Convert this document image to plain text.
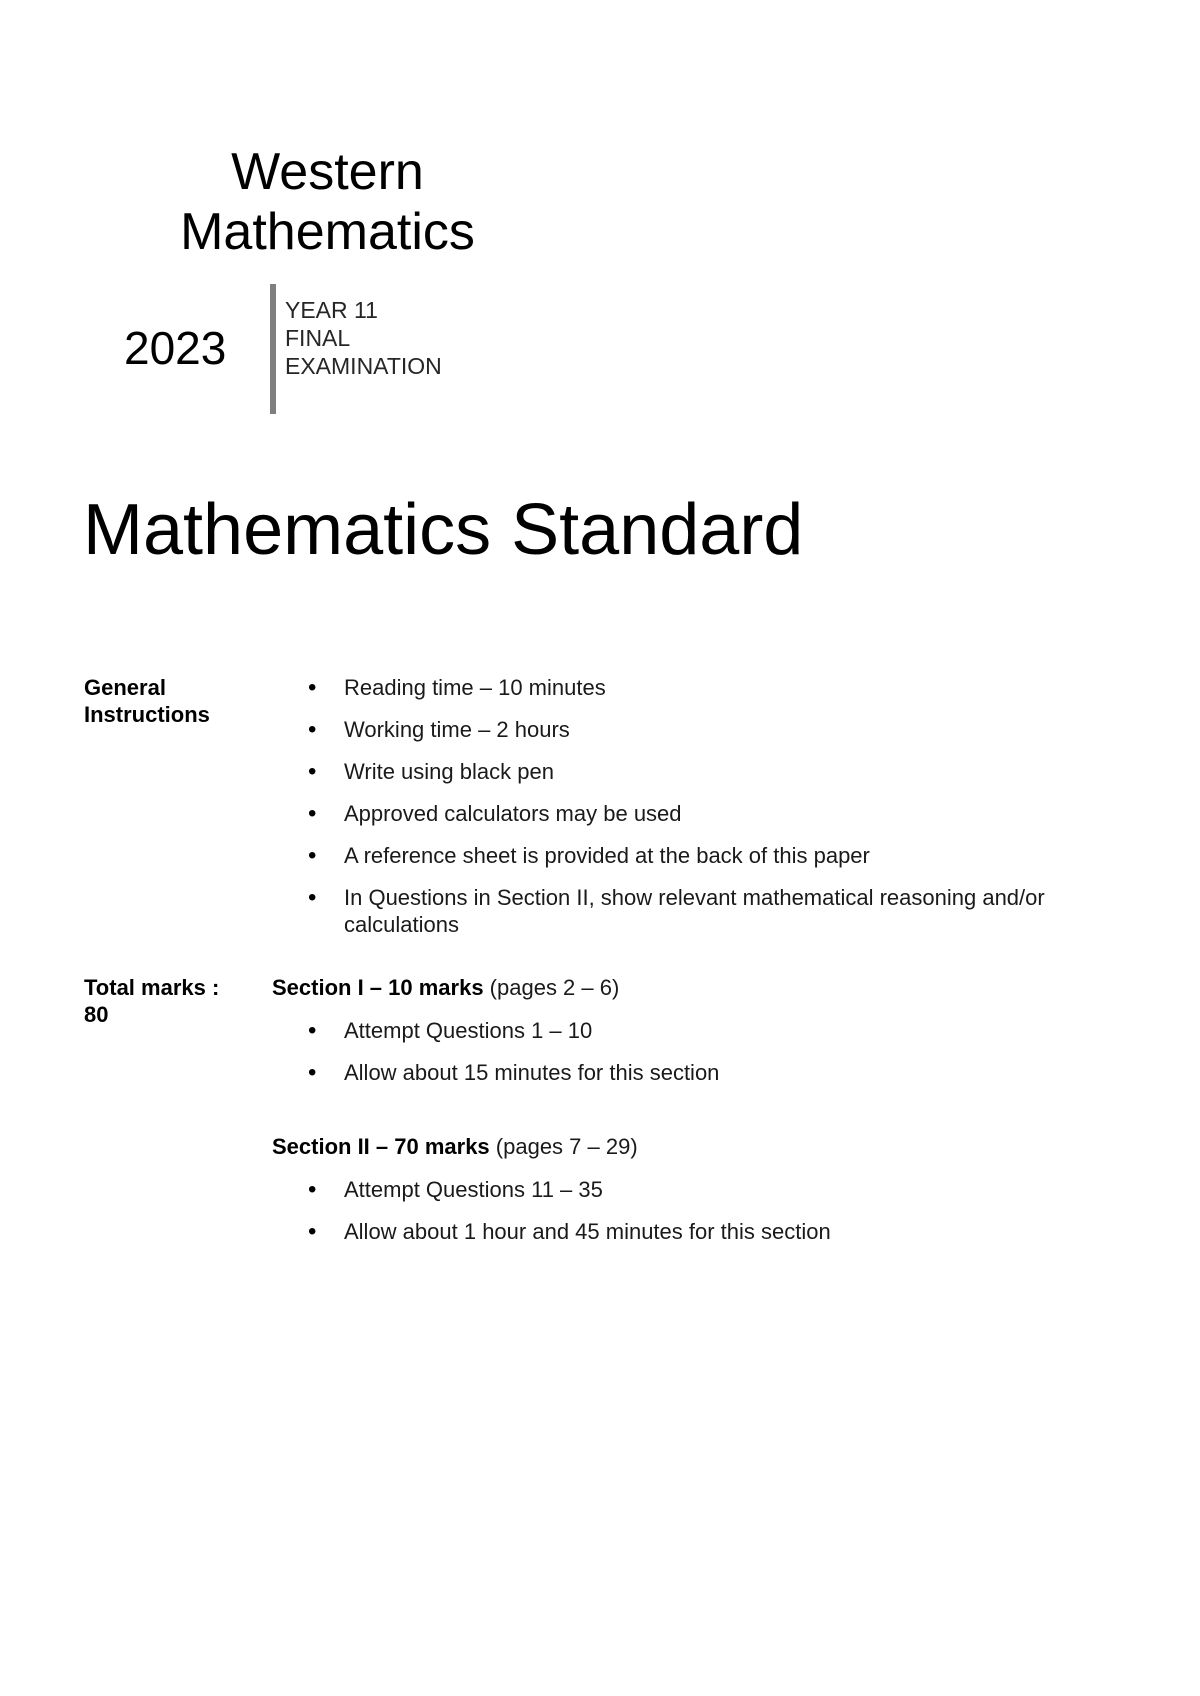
Western
Mathematics
2023
YEAR 11
FINAL
EXAMINATION
Mathematics Standard
General
Instructions
• Reading time – 10 minutes
• Working time – 2 hours
• Write using black pen
• Approved calculators may be used
• A reference sheet is provided at the back of this paper
• In Questions in Section II, show relevant mathematical reasoning and/or calculations
Total marks :
80

Section I – 10 marks (pages 2 – 6)

• Attempt Questions 1 – 10
• Allow about 15 minutes for this section

Section II – 70 marks (pages 7 – 29)

• Attempt Questions 11 – 35
• Allow about 1 hour and 45 minutes for this section
